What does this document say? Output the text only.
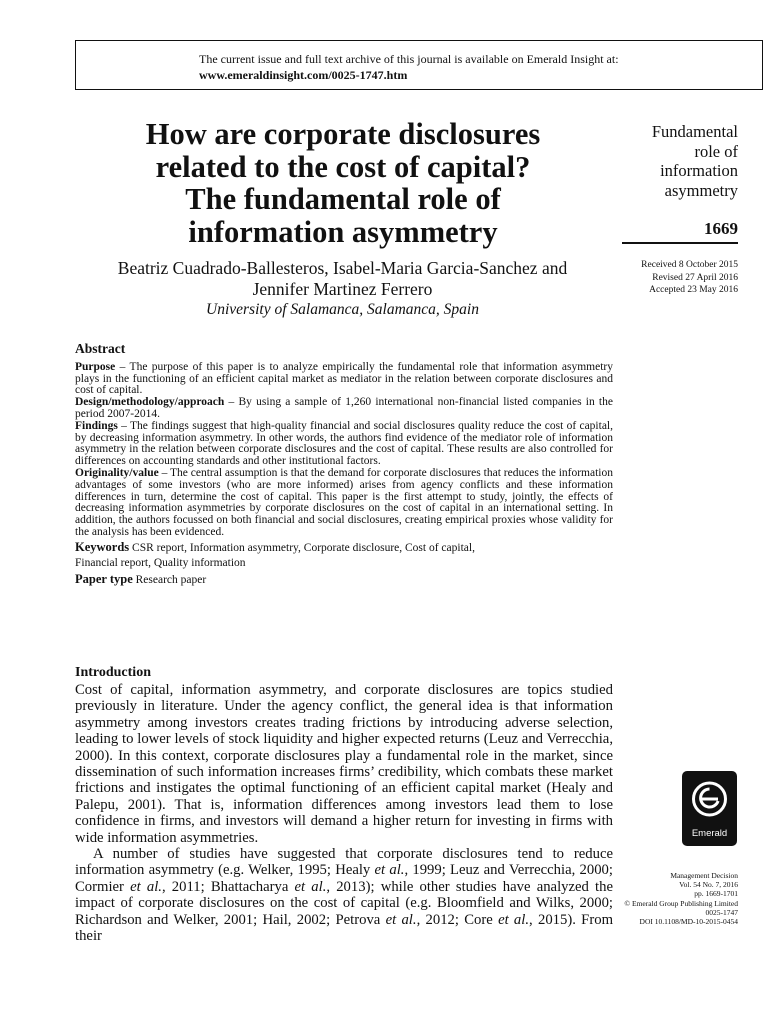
The current issue and full text archive of this journal is available on Emerald Insight at:
www.emeraldinsight.com/0025-1747.htm
How are corporate disclosures
related to the cost of capital?
The fundamental role of
information asymmetry
Beatriz Cuadrado-Ballesteros, Isabel-Maria Garcia-Sanchez and
Jennifer Martinez Ferrero
University of Salamanca, Salamanca, Spain
Fundamental
role of
information
asymmetry
1669
Received 8 October 2015
Revised 27 April 2016
Accepted 23 May 2016
Abstract

Purpose – The purpose of this paper is to analyze empirically the fundamental role that information asymmetry plays in the functioning of an efficient capital market as mediator in the relation between corporate disclosures and cost of capital.

Design/methodology/approach – By using a sample of 1,260 international non-financial listed companies in the period 2007-2014.

Findings – The findings suggest that high-quality financial and social disclosures quality reduce the cost of capital, by decreasing information asymmetry. In other words, the authors find evidence of the mediator role of information asymmetry in the relation between corporate disclosures and the cost of capital. These results are also controlled for differences on accounting standards and other institutional factors.

Originality/value – The central assumption is that the demand for corporate disclosures that reduces the information advantages of some investors (who are more informed) arises from agency conflicts and these information differences in turn, determine the cost of capital. This paper is the first attempt to study, jointly, the effects of decreasing information asymmetries by corporate disclosures on the cost of capital in an international setting. In addition, the authors focussed on both financial and social disclosures, creating empirical proxies whose validity for the analysis has been evidenced.

Keywords CSR report, Information asymmetry, Corporate disclosure, Cost of capital,
Financial report, Quality information
Paper type Research paper
Introduction

Cost of capital, information asymmetry, and corporate disclosures are topics studied previously in literature. Under the agency conflict, the general idea is that information asymmetry among investors creates trading frictions by introducing adverse selection, leading to lower levels of stock liquidity and higher expected returns (Leuz and Verrecchia, 2000). In this context, corporate disclosures play a fundamental role in the market, since dissemination of such information increases firms’ credibility, which combats these market frictions and instigates the optimal functioning of an efficient capital market (Healy and Palepu, 2001). That is, information differences among investors lead them to lose confidence in firms, and investors will demand a higher return for investing in firms with wide information asymmetries.

A number of studies have suggested that corporate disclosures tend to reduce information asymmetry (e.g. Welker, 1995; Healy et al., 1999; Leuz and Verrecchia, 2000; Cormier et al., 2011; Bhattacharya et al., 2013); while other studies have analyzed the impact of corporate disclosures on the cost of capital (e.g. Bloomfield and Wilks, 2000; Richardson and Welker, 2001; Hail, 2002; Petrova et al., 2012; Core et al., 2015). From their

Emerald
Management Decision
Vol. 54 No. 7, 2016
pp. 1669-1701
© Emerald Group Publishing Limited
0025-1747
DOI 10.1108/MD-10-2015-0454
